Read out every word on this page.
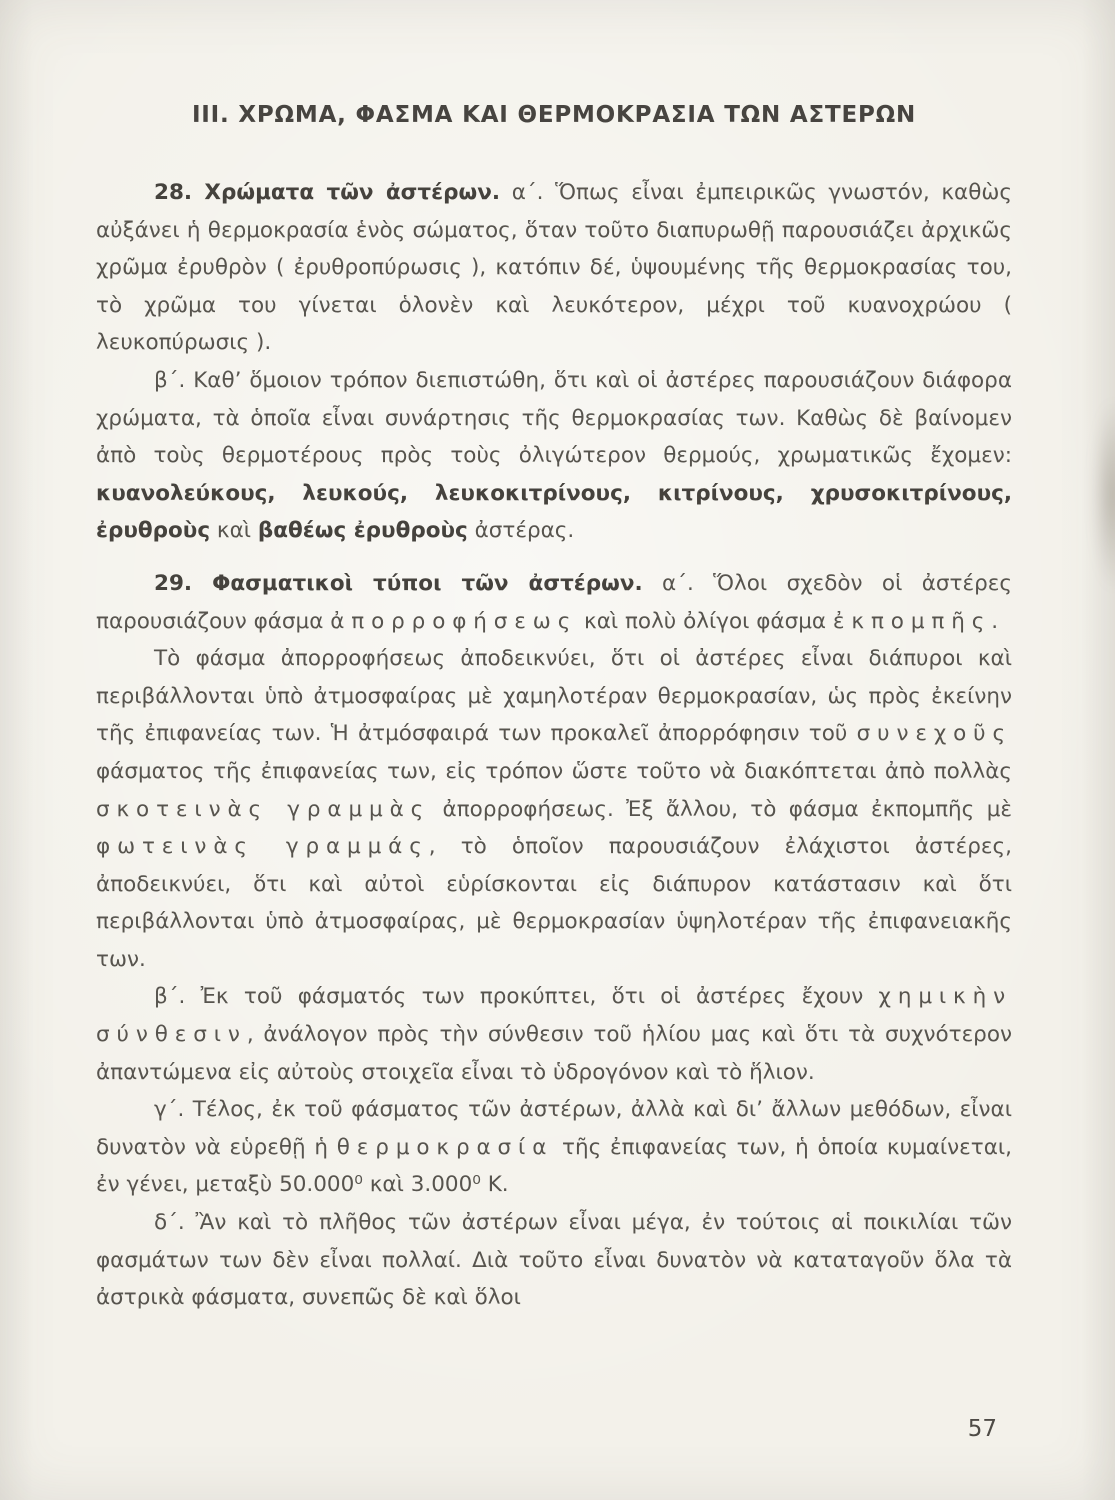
ΙΙΙ. ΧΡΩΜΑ, ΦΑΣΜΑ ΚΑΙ ΘΕΡΜΟΚΡΑΣΙΑ ΤΩΝ ΑΣΤΕΡΩΝ

28. Χρώματα τῶν ἀστέρων. α΄. Ὅπως εἶναι ἐμπειρικῶς γνωστόν, καθὼς αὐξάνει ἡ θερμοκρασία ἑνὸς σώματος, ὅταν τοῦτο διαπυρωθῇ παρουσιάζει ἀρχικῶς χρῶμα ἐρυθρὸν ( ἐρυθροπύρωσις ), κατόπιν δέ, ὑψουμένης τῆς θερμοκρασίας του, τὸ χρῶμα του γίνεται ὁλονὲν καὶ λευκότερον, μέχρι τοῦ κυανοχρώου ( λευκοπύρωσις ).

β΄. Καθ’ ὅμοιον τρόπον διεπιστώθη, ὅτι καὶ οἱ ἀστέρες παρουσιάζουν διάφορα χρώματα, τὰ ὁποῖα εἶναι συνάρτησις τῆς θερμοκρασίας των. Καθὼς δὲ βαίνομεν ἀπὸ τοὺς θερμοτέρους πρὸς τοὺς ὀλιγώτερον θερμούς, χρωματικῶς ἔχομεν: κυανολεύκους, λευκούς, λευκοκιτρίνους, κιτρίνους, χρυσοκιτρίνους, ἐρυθροὺς καὶ βαθέως ἐρυθροὺς ἀστέρας.

29. Φασματικοὶ τύποι τῶν ἀστέρων. α΄. Ὅλοι σχεδὸν οἱ ἀστέρες παρουσιάζουν φάσμα ἀπορροφήσεως καὶ πολὺ ὀλίγοι φάσμα ἐκπομπῆς.

Τὸ φάσμα ἀπορροφήσεως ἀποδεικνύει, ὅτι οἱ ἀστέρες εἶναι διάπυροι καὶ περιβάλλονται ὑπὸ ἀτμοσφαίρας μὲ χαμηλοτέραν θερμοκρασίαν, ὡς πρὸς ἐκείνην τῆς ἐπιφανείας των. Ἡ ἀτμόσφαιρά των προκαλεῖ ἀπορρόφησιν τοῦ συνεχοῦς φάσματος τῆς ἐπιφανείας των, εἰς τρόπον ὥστε τοῦτο νὰ διακόπτεται ἀπὸ πολλὰς σκοτεινὰς γραμμὰς ἀπορροφήσεως. Ἐξ ἄλλου, τὸ φάσμα ἐκπομπῆς μὲ φωτεινὰς γραμμάς, τὸ ὁποῖον παρουσιάζουν ἐλάχιστοι ἀστέρες, ἀποδεικνύει, ὅτι καὶ αὐτοὶ εὑρίσκονται εἰς διάπυρον κατάστασιν καὶ ὅτι περιβάλλονται ὑπὸ ἀτμοσφαίρας, μὲ θερμοκρασίαν ὑψηλοτέραν τῆς ἐπιφανειακῆς των.

β΄. Ἐκ τοῦ φάσματός των προκύπτει, ὅτι οἱ ἀστέρες ἔχουν χημικὴν σύνθεσιν, ἀνάλογον πρὸς τὴν σύνθεσιν τοῦ ἡλίου μας καὶ ὅτι τὰ συχνότερον ἀπαντώμενα εἰς αὐτοὺς στοιχεῖα εἶναι τὸ ὑδρογόνον καὶ τὸ ἥλιον.

γ΄. Τέλος, ἐκ τοῦ φάσματος τῶν ἀστέρων, ἀλλὰ καὶ δι’ ἄλλων μεθόδων, εἶναι δυνατὸν νὰ εὑρεθῇ ἡ θερμοκρασία τῆς ἐπιφανείας των, ἡ ὁποία κυμαίνεται, ἐν γένει, μεταξὺ 50.000⁰ καὶ 3.000⁰ Κ.

δ΄. Ἂν καὶ τὸ πλῆθος τῶν ἀστέρων εἶναι μέγα, ἐν τούτοις αἱ ποικιλίαι τῶν φασμάτων των δὲν εἶναι πολλαί. Διὰ τοῦτο εἶναι δυνατὸν νὰ καταταγοῦν ὅλα τὰ ἀστρικὰ φάσματα, συνεπῶς δὲ καὶ ὅλοι

57
